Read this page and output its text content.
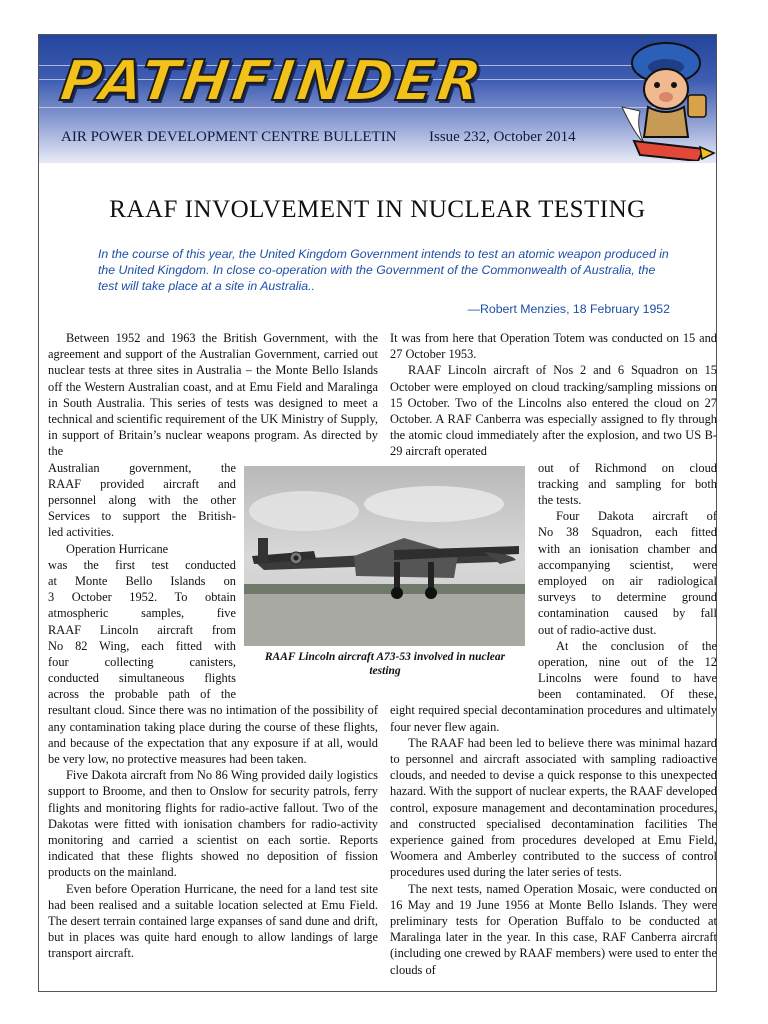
PATHFINDER
AIR POWER DEVELOPMENT CENTRE BULLETIN Issue 232, October 2014
RAAF INVOLVEMENT IN NUCLEAR TESTING
In the course of this year, the United Kingdom Government intends to test an atomic weapon produced in the United Kingdom. In close co-operation with the Government of the Commonwealth of Australia, the test will take place at a site in Australia..
—Robert Menzies, 18 February 1952

Between 1952 and 1963 the British Government, with the agreement and support of the Australian Government, carried out nuclear tests at three sites in Australia – the Monte Bello Islands off the Western Australian coast, and at Emu Field and Maralinga in South Australia. This series of tests was designed to meet a technical and scientific requirement of the UK Ministry of Supply, in support of Britain’s nuclear weapons program. As directed by the

Australian government, the
RAAF provided aircraft and
personnel along with the other
Services to support the British-
led activities.
Operation Hurricane
was the first test conducted
at Monte Bello Islands on
3 October 1952. To obtain
atmospheric samples, five
RAAF Lincoln aircraft from
No 82 Wing, each fitted with
four collecting canisters,
conducted simultaneous flights
across the probable path of the

resultant cloud. Since there was no intimation of the possibility of any contamination taking place during the course of these flights, and because of the expectation that any exposure if at all, would be very low, no protective measures had been taken.

Five Dakota aircraft from No 86 Wing provided daily logistics support to Broome, and then to Onslow for security patrols, ferry flights and monitoring flights for radio-active fallout. Two of the Dakotas were fitted with ionisation chambers for radio-activity monitoring and carried a scientist on each sortie. Reports indicated that these flights showed no deposition of fission products on the mainland.

Even before Operation Hurricane, the need for a land test site had been realised and a suitable location selected at Emu Field. The desert terrain contained large expanses of sand dune and drift, but in places was quite hard enough to allow landings of large transport aircraft.

It was from here that Operation Totem was conducted on 15 and 27 October 1953.

RAAF Lincoln aircraft of Nos 2 and 6 Squadron on 15 October were employed on cloud tracking/sampling missions on 15 October. Two of the Lincolns also entered the cloud on 27 October. A RAF Canberra was especially assigned to fly through the atomic cloud immediately after the explosion, and two US B-29 aircraft operated

out of Richmond on cloud
tracking and sampling for both
the tests.
Four Dakota aircraft of
No 38 Squadron, each fitted
with an ionisation chamber and
accompanying scientist, were
employed on air radiological
surveys to determine ground
contamination caused by fall
out of radio-active dust.
At the conclusion of the
operation, nine out of the 12
Lincolns were found to have
been contaminated. Of these,

eight required special decontamination procedures and ultimately four never flew again.

The RAAF had been led to believe there was minimal hazard to personnel and aircraft associated with sampling radioactive clouds, and needed to devise a quick response to this unexpected hazard. With the support of nuclear experts, the RAAF developed control, exposure management and decontamination procedures, and constructed specialised decontamination facilities The experience gained from procedures developed at Emu Field, Woomera and Amberley contributed to the success of control procedures used during the later series of tests.

The next tests, named Operation Mosaic, were conducted on 16 May and 19 June 1956 at Monte Bello Islands. They were preliminary tests for Operation Buffalo to be conducted at Maralinga later in the year. In this case, RAF Canberra aircraft (including one crewed by RAAF members) were used to enter the clouds of

RAAF Lincoln aircraft A73-53 involved in nuclear testing
